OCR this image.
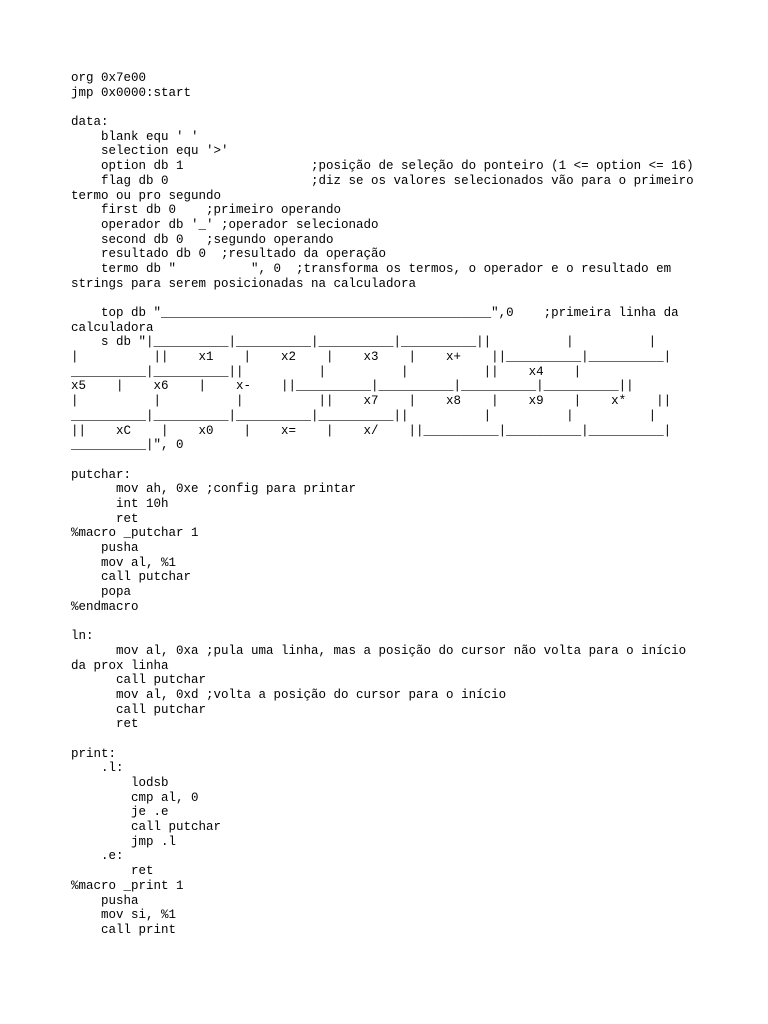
org 0x7e00
jmp 0x0000:start
data:
blank equ ' '
selection equ '>'
option db 1                 ;posição de seleção do ponteiro (1 <= option <= 16)
flag db 0                   ;diz se os valores selecionados vão para o primeiro
termo ou pro segundo
first db 0    ;primeiro operando
operador db '_' ;operador selecionado
second db 0   ;segundo operando
resultado db 0  ;resultado da operação
termo db "          ", 0  ;transforma os termos, o operador e o resultado em
strings para serem posicionadas na calculadora
top db "____________________________________________",0    ;primeira linha da
calculadora
s db "|__________|__________|__________|__________||          |          |
|          ||    x1    |    x2    |    x3    |    x+    ||__________|__________|
__________|__________||          |          |          ||    x4    |
x5    |    x6    |    x-    ||__________|__________|__________|__________||
|          |          |          ||    x7    |    x8    |    x9    |    x*    ||
__________|__________|__________|__________||          |          |          |
||    xC    |    x0    |    x=    |    x/    ||__________|__________|__________|
__________|", 0
putchar:
mov ah, 0xe ;config para printar
int 10h
ret
%macro _putchar 1
pusha
mov al, %1
call putchar
popa
%endmacro
ln:
mov al, 0xa ;pula uma linha, mas a posição do cursor não volta para o início
da prox linha
call putchar
mov al, 0xd ;volta a posição do cursor para o início
call putchar
ret
print:
.l:
lodsb
cmp al, 0
je .e
call putchar
jmp .l
.e:
ret
%macro _print 1
pusha
mov si, %1
call print
